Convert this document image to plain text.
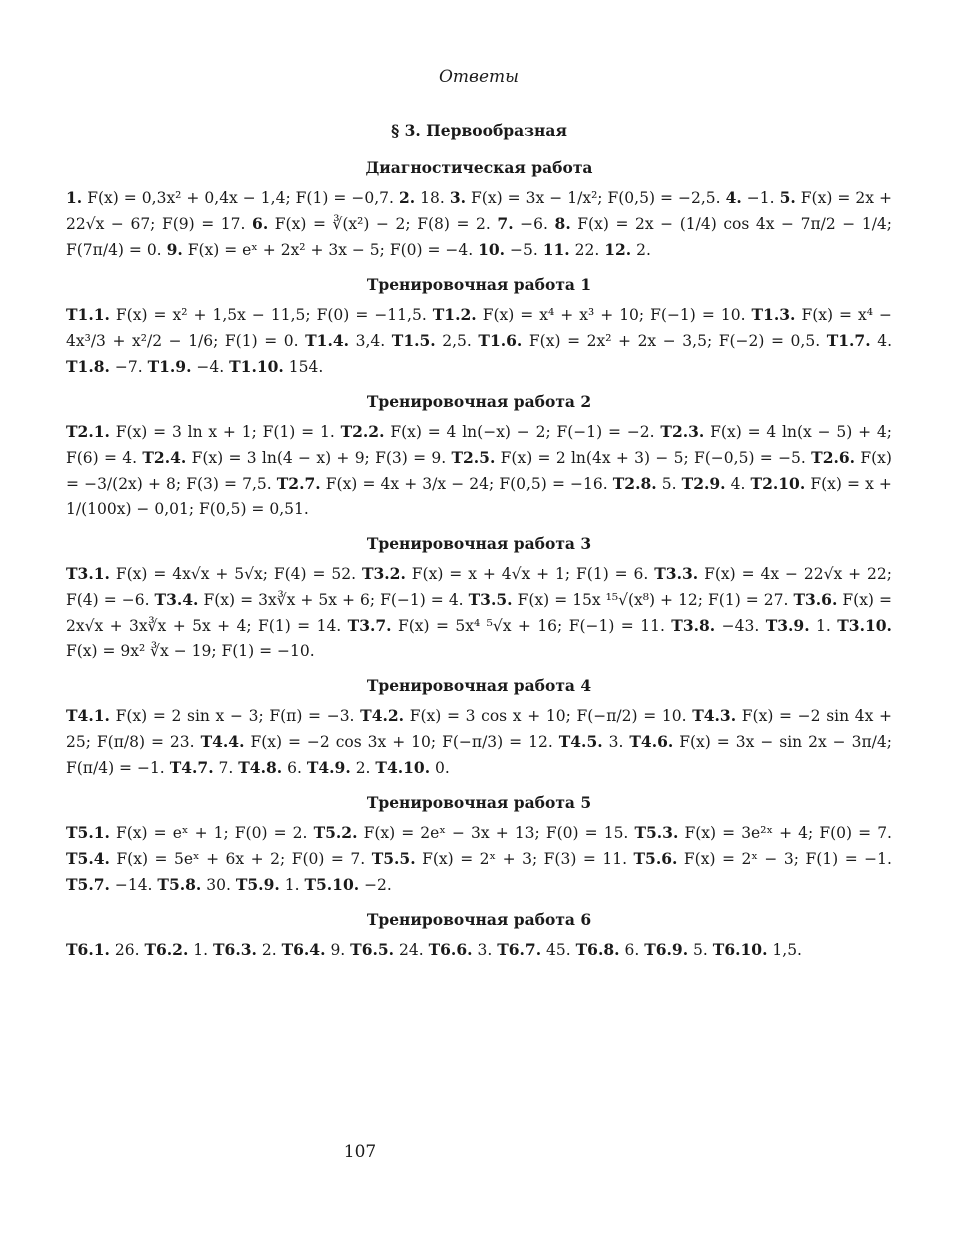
Ответы
§ 3. Первообразная
Диагностическая работа

1. F(x) = 0,3x² + 0,4x − 1,4; F(1) = −0,7. 2. 18. 3. F(x) = 3x − 1/x²; F(0,5) = −2,5. 4. −1. 5. F(x) = 2x + 22√x − 67; F(9) = 17. 6. F(x) = ∛(x²) − 2; F(8) = 2. 7. −6. 8. F(x) = 2x − (1/4) cos 4x − 7π/2 − 1/4; F(7π/4) = 0. 9. F(x) = eˣ + 2x² + 3x − 5; F(0) = −4. 10. −5. 11. 22. 12. 2.

Тренировочная работа 1

Т1.1. F(x) = x² + 1,5x − 11,5; F(0) = −11,5. Т1.2. F(x) = x⁴ + x³ + 10; F(−1) = 10. Т1.3. F(x) = x⁴ − 4x³/3 + x²/2 − 1/6; F(1) = 0. Т1.4. 3,4. Т1.5. 2,5. Т1.6. F(x) = 2x² + 2x − 3,5; F(−2) = 0,5. Т1.7. 4. Т1.8. −7. Т1.9. −4. Т1.10. 154.

Тренировочная работа 2

Т2.1. F(x) = 3 ln x + 1; F(1) = 1. Т2.2. F(x) = 4 ln(−x) − 2; F(−1) = −2. Т2.3. F(x) = 4 ln(x − 5) + 4; F(6) = 4. Т2.4. F(x) = 3 ln(4 − x) + 9; F(3) = 9. Т2.5. F(x) = 2 ln(4x + 3) − 5; F(−0,5) = −5. Т2.6. F(x) = −3/(2x) + 8; F(3) = 7,5. Т2.7. F(x) = 4x + 3/x − 24; F(0,5) = −16. Т2.8. 5. Т2.9. 4. Т2.10. F(x) = x + 1/(100x) − 0,01; F(0,5) = 0,51.

Тренировочная работа 3

Т3.1. F(x) = 4x√x + 5√x; F(4) = 52. Т3.2. F(x) = x + 4√x + 1; F(1) = 6. Т3.3. F(x) = 4x − 22√x + 22; F(4) = −6. Т3.4. F(x) = 3x∛x + 5x + 6; F(−1) = 4. Т3.5. F(x) = 15x ¹⁵√(x⁸) + 12; F(1) = 27. Т3.6. F(x) = 2x√x + 3x∛x + 5x + 4; F(1) = 14. Т3.7. F(x) = 5x⁴ ⁵√x + 16; F(−1) = 11. Т3.8. −43. Т3.9. 1. Т3.10. F(x) = 9x² ∛x − 19; F(1) = −10.

Тренировочная работа 4

Т4.1. F(x) = 2 sin x − 3; F(π) = −3. Т4.2. F(x) = 3 cos x + 10; F(−π/2) = 10. Т4.3. F(x) = −2 sin 4x + 25; F(π/8) = 23. Т4.4. F(x) = −2 cos 3x + 10; F(−π/3) = 12. Т4.5. 3. Т4.6. F(x) = 3x − sin 2x − 3π/4; F(π/4) = −1. Т4.7. 7. Т4.8. 6. Т4.9. 2. Т4.10. 0.

Тренировочная работа 5

Т5.1. F(x) = eˣ + 1; F(0) = 2. Т5.2. F(x) = 2eˣ − 3x + 13; F(0) = 15. Т5.3. F(x) = 3e²ˣ + 4; F(0) = 7. Т5.4. F(x) = 5eˣ + 6x + 2; F(0) = 7. Т5.5. F(x) = 2ˣ + 3; F(3) = 11. Т5.6. F(x) = 2ˣ − 3; F(1) = −1. Т5.7. −14. Т5.8. 30. Т5.9. 1. Т5.10. −2.

Тренировочная работа 6

Т6.1. 26. Т6.2. 1. Т6.3. 2. Т6.4. 9. Т6.5. 24. Т6.6. 3. Т6.7. 45. Т6.8. 6. Т6.9. 5. Т6.10. 1,5.

107
